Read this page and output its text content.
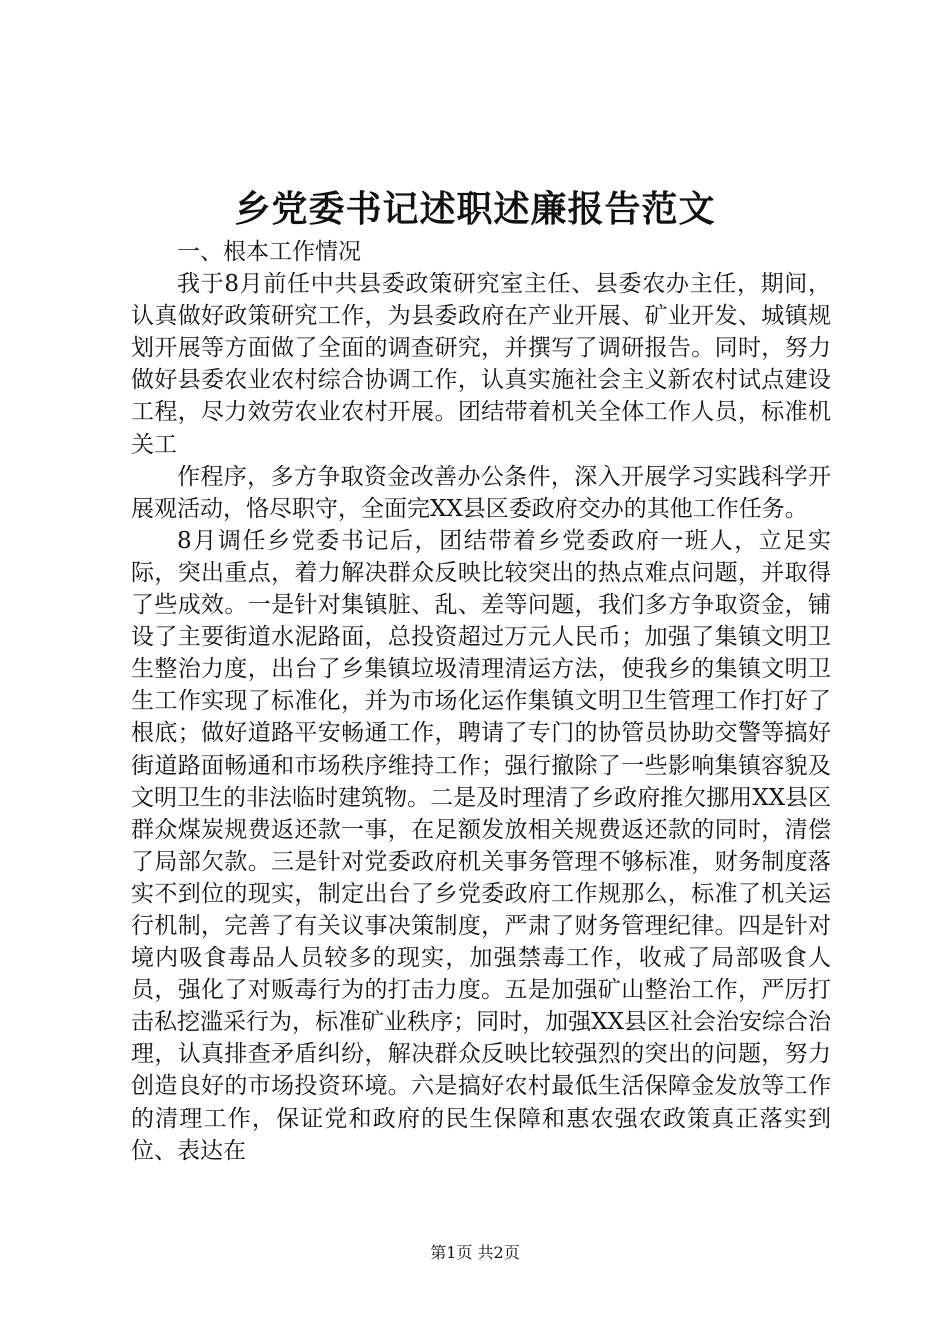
乡党委书记述职述廉报告范文

一、根本工作情况

我于8月前任中共县委政策研究室主任、县委农办主任，期间，认真做好政策研究工作，为县委政府在产业开展、矿业开发、城镇规划开展等方面做了全面的调查研究，并撰写了调研报告。同时，努力做好县委农业农村综合协调工作，认真实施社会主义新农村试点建设工程，尽力效劳农业农村开展。团结带着机关全体工作人员，标准机关工

作程序，多方争取资金改善办公条件，深入开展学习实践科学开展观活动，恪尽职守，全面完XX县区委政府交办的其他工作任务。

8月调任乡党委书记后，团结带着乡党委政府一班人，立足实际，突出重点，着力解决群众反映比较突出的热点难点问题，并取得了些成效。一是针对集镇脏、乱、差等问题，我们多方争取资金，铺设了主要街道水泥路面，总投资超过万元人民币；加强了集镇文明卫生整治力度，出台了乡集镇垃圾清理清运方法，使我乡的集镇文明卫生工作实现了标准化，并为市场化运作集镇文明卫生管理工作打好了根底；做好道路平安畅通工作，聘请了专门的协管员协助交警等搞好街道路面畅通和市场秩序维持工作；强行撤除了一些影响集镇容貌及文明卫生的非法临时建筑物。二是及时理清了乡政府推欠挪用XX县区群众煤炭规费返还款一事，在足额发放相关规费返还款的同时，清偿了局部欠款。三是针对党委政府机关事务管理不够标准，财务制度落实不到位的现实，制定出台了乡党委政府工作规那么，标准了机关运行机制，完善了有关议事决策制度，严肃了财务管理纪律。四是针对境内吸食毒品人员较多的现实，加强禁毒工作，收戒了局部吸食人员，强化了对贩毒行为的打击力度。五是加强矿山整治工作，严厉打击私挖滥采行为，标准矿业秩序；同时，加强XX县区社会治安综合治理，认真排查矛盾纠纷，解决群众反映比较强烈的突出的问题，努力创造良好的市场投资环境。六是搞好农村最低生活保障金发放等工作的清理工作，保证党和政府的民生保障和惠农强农政策真正落实到位、表达在

第1页 共2页
